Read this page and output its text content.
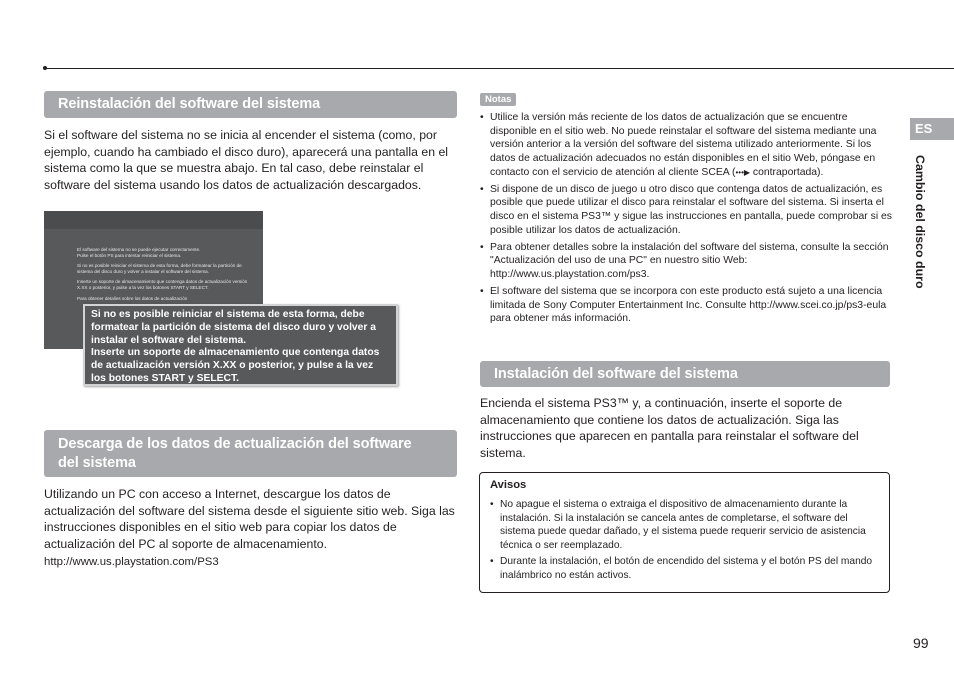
Reinstalación del software del sistema

Si el software del sistema no se inicia al encender el sistema (como, por ejemplo, cuando ha cambiado el disco duro), aparecerá una pantalla en el sistema como la que se muestra abajo. En tal caso, debe reinstalar el software del sistema usando los datos de actualización descargados.

El software del sistema no se puede ejecutar correctamente.
Pulse el botón PS para intentar reiniciar el sistema.

Si no es posible reiniciar el sistema de esta forma, debe formatear la partición de sistema del disco duro y volver a instalar el software del sistema.

Inserte un soporte de almacenamiento que contenga datos de actualización versión X.XX o posterior, y pulse a la vez los botones START y SELECT.

Para obtener detalles sobre los datos de actualización

Si no es posible reiniciar el sistema de esta forma, debe formatear la partición de sistema del disco duro y volver a instalar el software del sistema.

Inserte un soporte de almacenamiento que contenga datos de actualización versión X.XX o posterior, y pulse a la vez los botones START y SELECT.

Descarga de los datos de actualización del software
del sistema

Utilizando un PC con acceso a Internet, descargue los datos de actualización del software del sistema desde el siguiente sitio web. Siga las instrucciones disponibles en el sitio web para copiar los datos de actualización del PC al soporte de almacenamiento.

http://www.us.playstation.com/PS3

Notas
• Utilice la versión más reciente de los datos de actualización que se encuentre disponible en el sitio web. No puede reinstalar el software del sistema mediante una versión anterior a la versión del software del sistema utilizado anteriormente. Si los datos de actualización adecuados no están disponibles en el sitio Web, póngase en contacto con el servicio de atención al cliente SCEA (•••▶ contraportada).
• Si dispone de un disco de juego u otro disco que contenga datos de actualización, es posible que puede utilizar el disco para reinstalar el software del sistema. Si inserta el disco en el sistema PS3™ y sigue las instrucciones en pantalla, puede comprobar si es posible utilizar los datos de actualización.
• Para obtener detalles sobre la instalación del software del sistema, consulte la sección "Actualización del uso de una PC" en nuestro sitio Web: http://www.us.playstation.com/ps3.
• El software del sistema que se incorpora con este producto está sujeto a una licencia limitada de Sony Computer Entertainment Inc. Consulte http://www.scei.co.jp/ps3-eula para obtener más información.
Instalación del software del sistema

Encienda el sistema PS3™ y, a continuación, inserte el soporte de almacenamiento que contiene los datos de actualización. Siga las instrucciones que aparecen en pantalla para reinstalar el software del sistema.

Avisos

• No apague el sistema o extraiga el dispositivo de almacenamiento durante la instalación. Si la instalación se cancela antes de completarse, el software del sistema puede quedar dañado, y el sistema puede requerir servicio de asistencia técnica o ser reemplazado.
• Durante la instalación, el botón de encendido del sistema y el botón PS del mando inalámbrico no están activos.
ES
Cambio del disco duro
99
